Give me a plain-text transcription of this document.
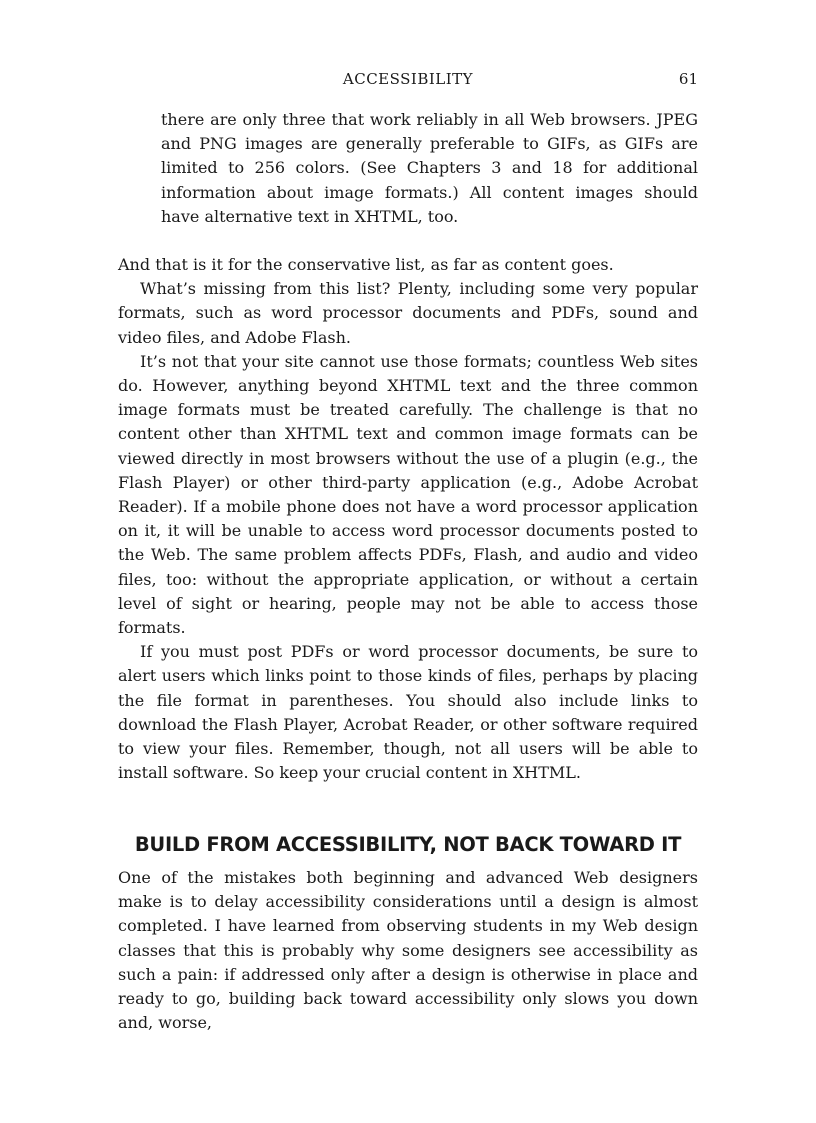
ACCESSIBILITY	61

there are only three that work reliably in all Web browsers. JPEG and PNG images are generally preferable to GIFs, as GIFs are limited to 256 colors. (See Chapters 3 and 18 for additional information about image formats.) All content images should have alternative text in XHTML, too.

And that is it for the conservative list, as far as content goes.

What’s missing from this list? Plenty, including some very popular formats, such as word processor documents and PDFs, sound and video files, and Adobe Flash.

It’s not that your site cannot use those formats; countless Web sites do. However, anything beyond XHTML text and the three common image formats must be treated carefully. The challenge is that no content other than XHTML text and common image formats can be viewed directly in most browsers without the use of a plugin (e.g., the Flash Player) or other third-party application (e.g., Adobe Acrobat Reader). If a mobile phone does not have a word processor application on it, it will be unable to access word processor documents posted to the Web. The same problem affects PDFs, Flash, and audio and video files, too: without the appropriate application, or without a certain level of sight or hearing, people may not be able to access those formats.

If you must post PDFs or word processor documents, be sure to alert users which links point to those kinds of files, perhaps by placing the file format in parentheses. You should also include links to download the Flash Player, Acrobat Reader, or other software required to view your files. Remember, though, not all users will be able to install software. So keep your crucial content in XHTML.

BUILD FROM ACCESSIBILITY, NOT BACK TOWARD IT

One of the mistakes both beginning and advanced Web designers make is to delay accessibility considerations until a design is almost completed. I have learned from observing students in my Web design classes that this is probably why some designers see accessibility as such a pain: if addressed only after a design is otherwise in place and ready to go, building back toward accessibility only slows you down and, worse,
